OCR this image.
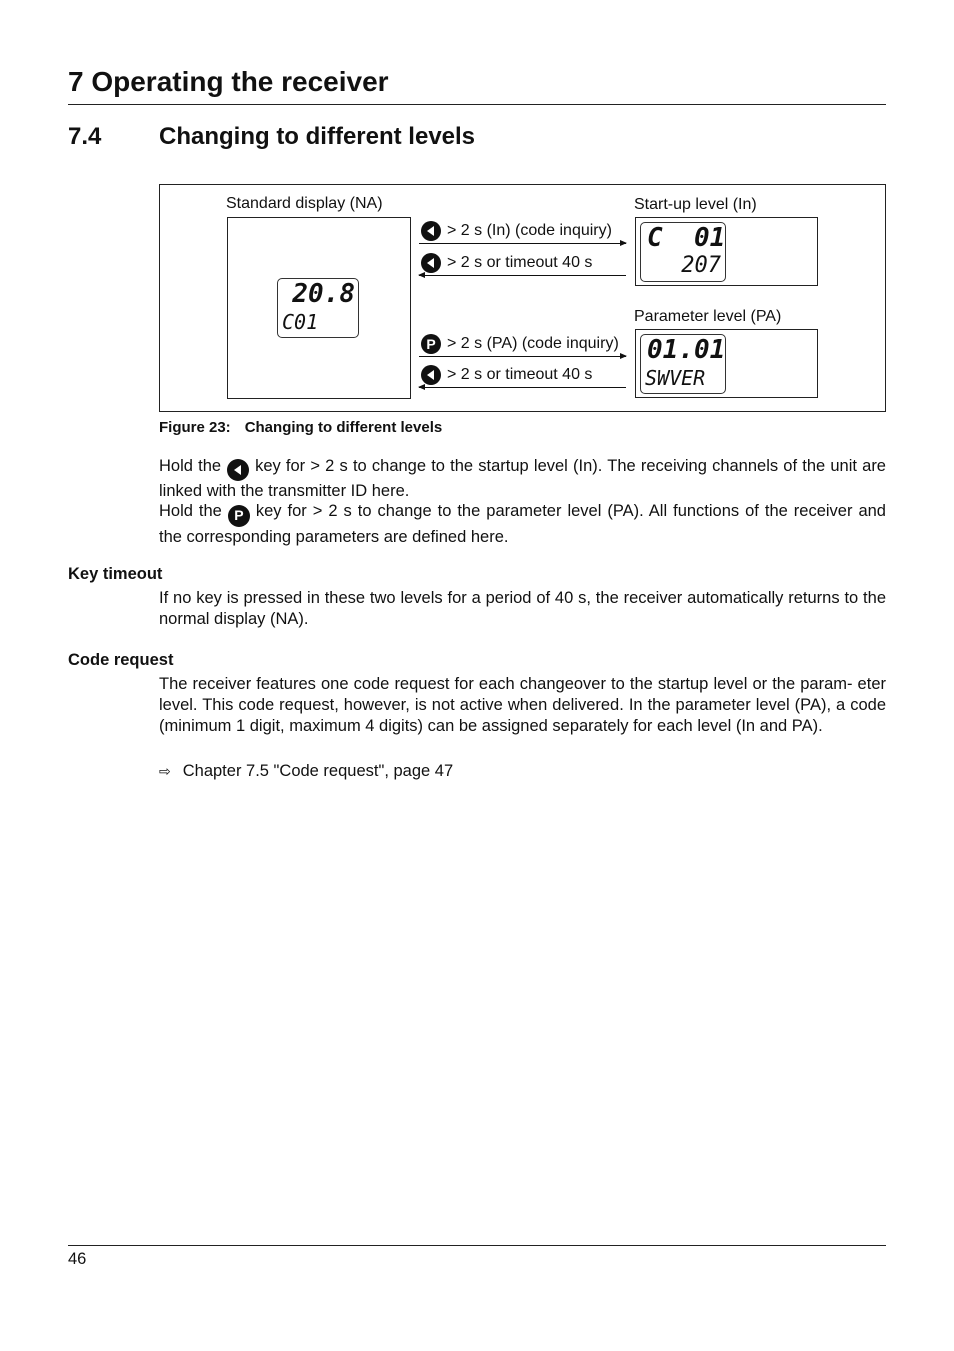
7 Operating the receiver
7.4 Changing to different levels
Standard display (NA)	Start-up level (In)
Parameter level (PA)
20.8
C01
C  01
207
01.01
SWVER
> 2 s (In) (code inquiry)
> 2 s or timeout 40 s
P > 2 s (PA) (code inquiry)
> 2 s or timeout 40 s
Figure 23: Changing to different levels

Hold the key for > 2 s to change to the startup level (In). The receiving channels of the unit are linked with the transmitter ID here.

Hold the P key for > 2 s to change to the parameter level (PA). All functions of the receiver and the corresponding parameters are defined here.

Key timeout

If no key is pressed in these two levels for a period of 40 s, the receiver automatically returns to the normal display (NA).

Code request

The receiver features one code request for each changeover to the startup level or the param- eter level. This code request, however, is not active when delivered. In the parameter level (PA), a code (minimum 1 digit, maximum 4 digits) can be assigned separately for each level (In and PA).

⇨ Chapter 7.5 "Code request", page 47
46
